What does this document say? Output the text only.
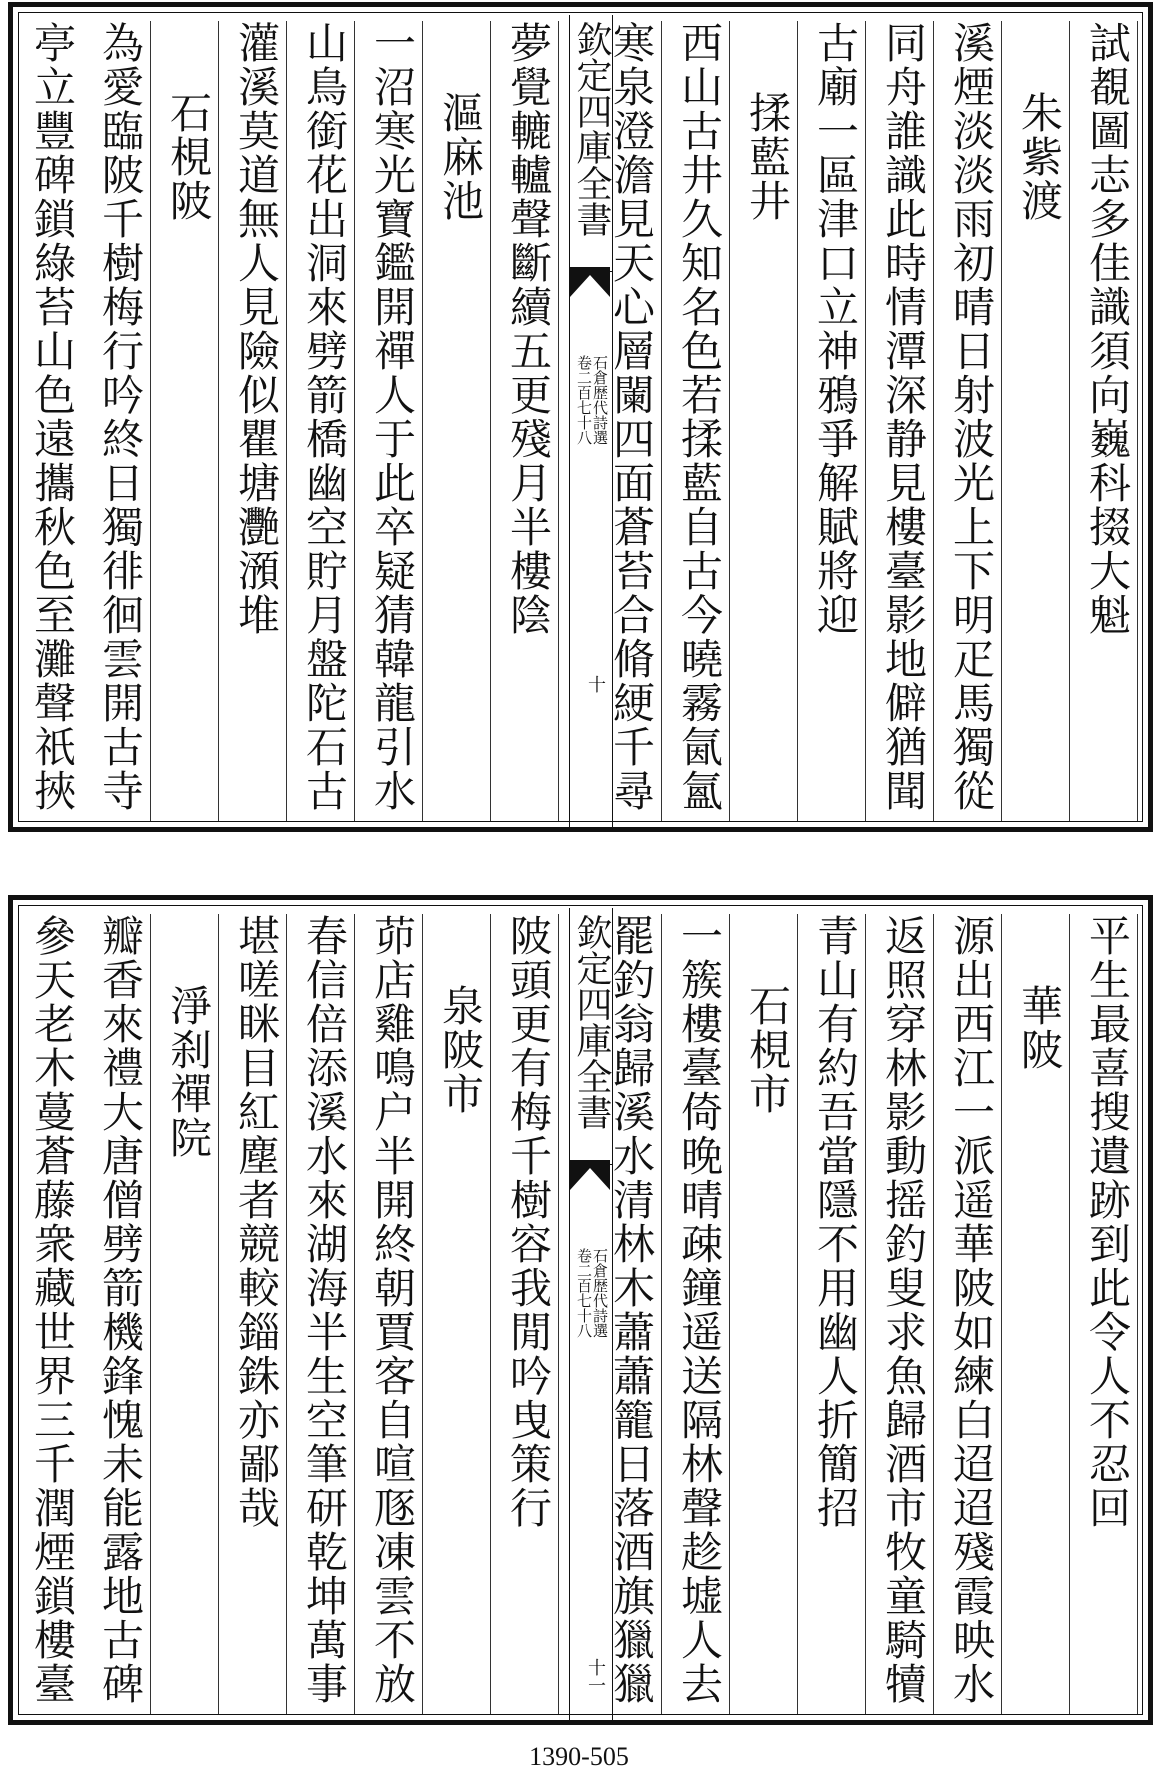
欽定四庫全書
石倉歴代詩選
卷二百七十八
十
試覩圖志多佳識須向巍科掇大魁
朱紫渡
溪煙淡淡雨初晴日射波光上下明疋馬獨從
同舟誰識此時情潭深静見樓臺影地僻猶聞
古廟一區津口立神鴉爭解賦將迎
揉藍井
西山古井久知名色若揉藍自古今曉霧氤氳
寒泉澄澹見天心層闌四面蒼苔合脩綆千尋
夢覺轆轤聲斷續五更殘月半樓陰
漚麻池
一沼寒光寶鑑開禪人于此卒疑猜韓龍引水
山鳥銜花出洞來劈箭橋幽空貯月盤陀石古
灌溪莫道無人見險似瞿塘灧澦堆
石梘陂
為愛臨陂千樹梅行吟終日獨徘徊雲開古寺
亭立豐碑鎖綠苔山色遠攜秋色至灘聲祇挾
欽定四庫全書
石倉歴代詩選
卷二百七十八
十一
平生最喜搜遺跡到此令人不忍回
華陂
源出西江一派遥華陂如練白迢迢殘霞映水
返照穿林影動摇釣叟求魚歸酒市牧童騎犢
青山有約吾當隱不用幽人折簡招
石梘市
一簇樓臺倚晚晴疎鐘遥送隔林聲趁墟人去
罷釣翁歸溪水清林木蕭蕭籠日落酒旗獵獵
陂頭更有梅千樹容我閒吟曳策行
泉陂市
茆店雞鳴户半開終朝賈客自喧豗凍雲不放
春信倍添溪水來湖海半生空筆研乾坤萬事
堪嗟眯目紅塵者競較錙銖亦鄙哉
淨刹禪院
瓣香來禮大唐僧劈箭機鋒愧未能露地古碑
參天老木蔓蒼藤衆藏世界三千潤煙鎖樓臺
1390-505
